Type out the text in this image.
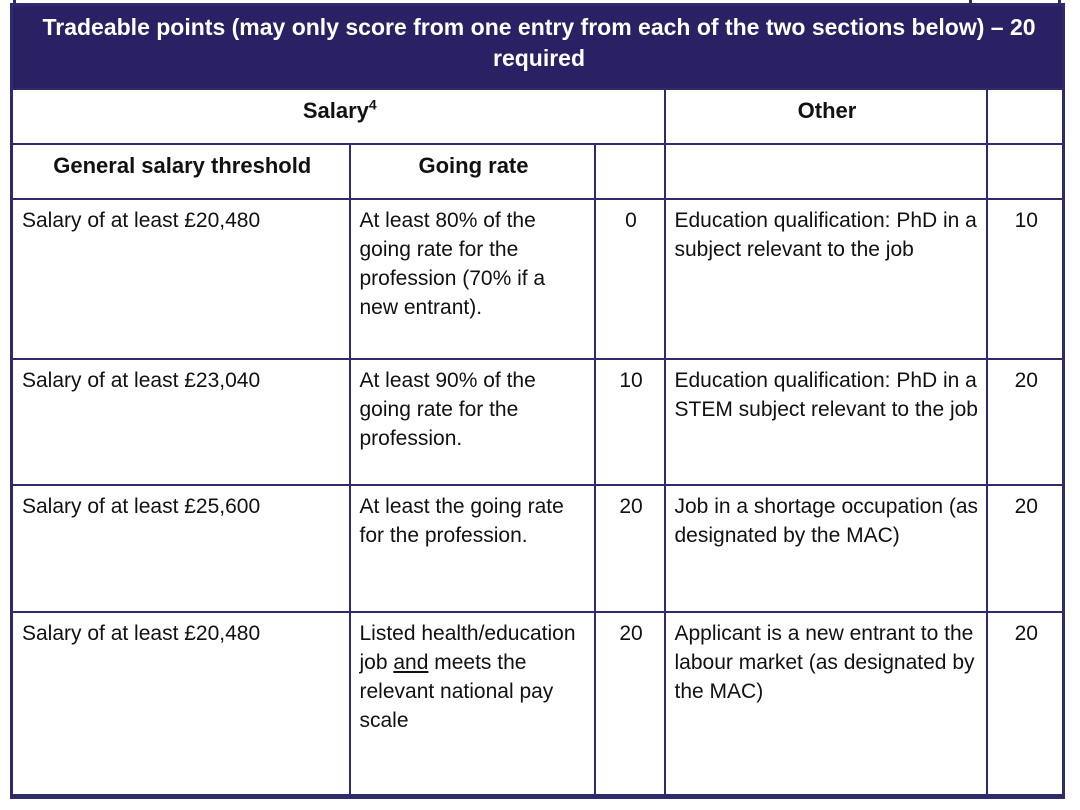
Tradeable points (may only score from one entry from each of the two sections below) – 20 required				
Salary$^4$			Other	
General salary threshold	Going rate			
Salary of at least £20,480	At least 80% of the going rate for the profession (70% if a new entrant).	0	Education qualification: PhD in a subject relevant to the job	10
Salary of at least £23,040	At least 90% of the going rate for the profession.	10	Education qualification: PhD in a STEM subject relevant to the job	20
Salary of at least £25,600	At least the going rate for the profession.	20	Job in a shortage occupation (as designated by the MAC)	20
Salary of at least £20,480	Listed health/education job and meets the relevant national pay scale	20	Applicant is a new entrant to the labour market (as designated by the MAC)	20
